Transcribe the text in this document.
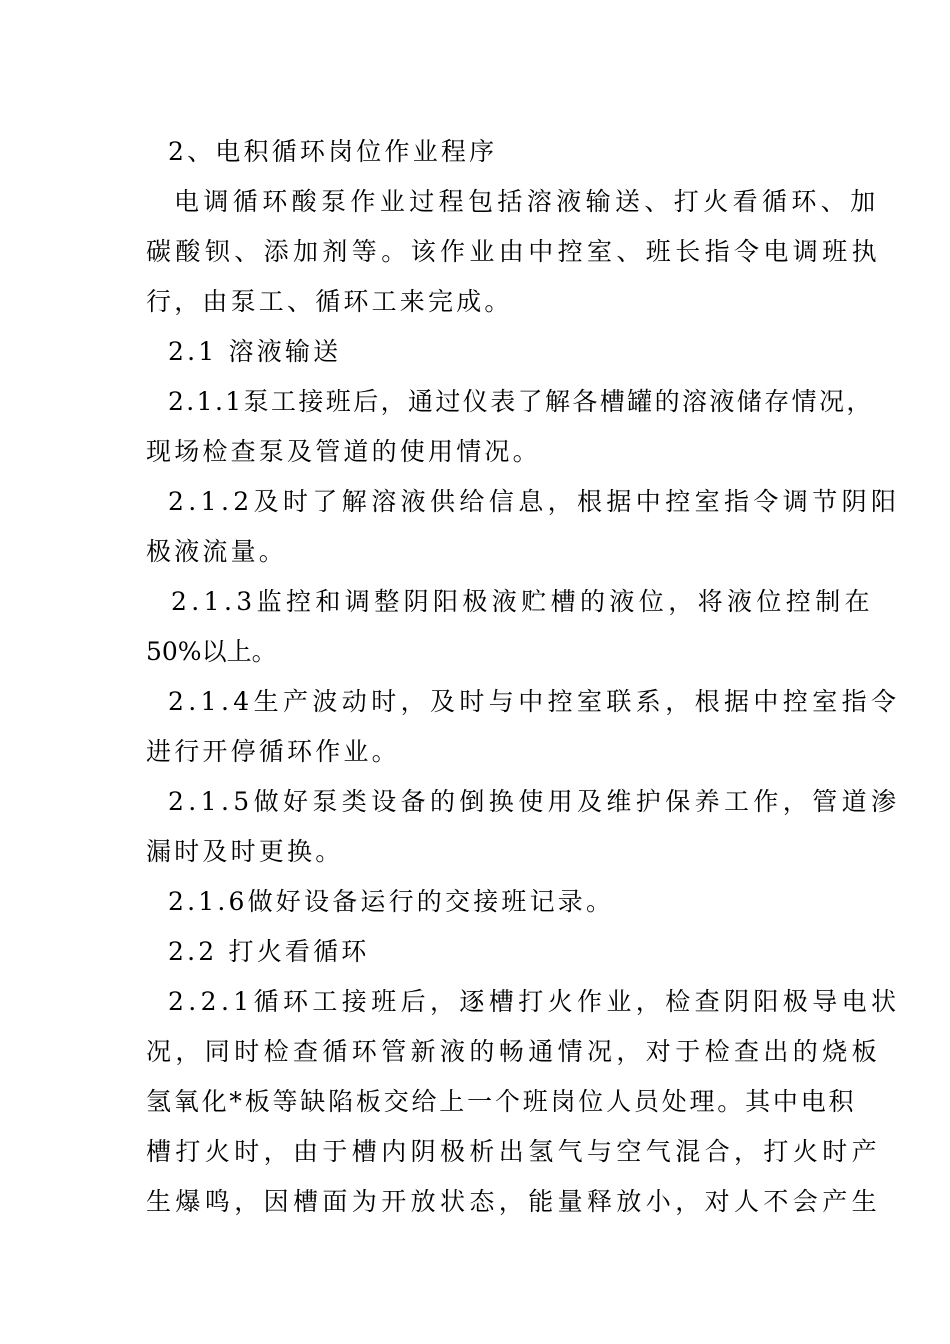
2、电积循环岗位作业程序
电调循环酸泵作业过程包括溶液输送、打火看循环、加
碳酸钡、添加剂等。该作业由中控室、班长指令电调班执
行，由泵工、循环工来完成。
2.1 溶液输送
2.1.1泵工接班后，通过仪表了解各槽罐的溶液储存情况，
现场检查泵及管道的使用情况。
2.1.2及时了解溶液供给信息，根据中控室指令调节阴阳
极液流量。
2.1.3监控和调整阴阳极液贮槽的液位，将液位控制在
50%以上。
2.1.4生产波动时，及时与中控室联系，根据中控室指令
进行开停循环作业。
2.1.5做好泵类设备的倒换使用及维护保养工作，管道渗
漏时及时更换。
2.1.6做好设备运行的交接班记录。
2.2 打火看循环
2.2.1循环工接班后，逐槽打火作业，检查阴阳极导电状
况，同时检查循环管新液的畅通情况，对于检查出的烧板
氢氧化*板等缺陷板交给上一个班岗位人员处理。其中电积
槽打火时，由于槽内阴极析出氢气与空气混合，打火时产
生爆鸣，因槽面为开放状态，能量释放小，对人不会产生
